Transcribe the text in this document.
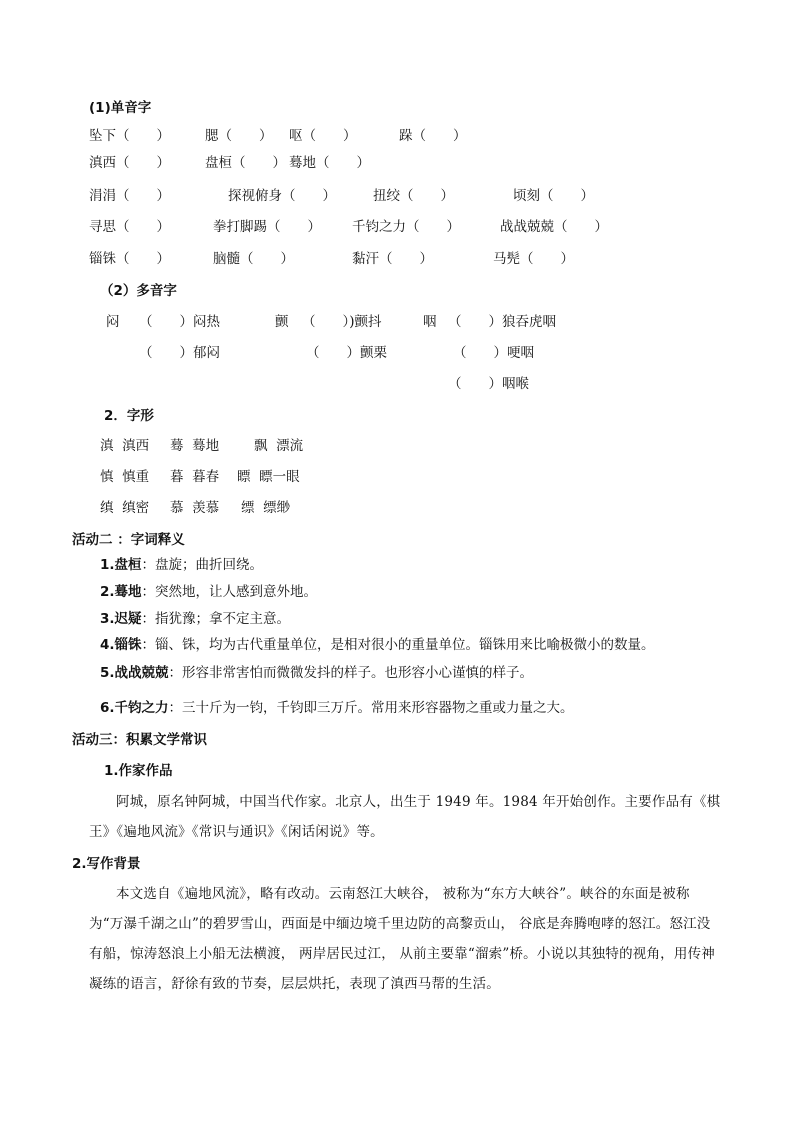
(1)单音字
坠下（　　）	腮（　　） 呕（　　）	跺（　　）
滇西（　　）	盘桓（　　） 蓦地（　　）
涓涓（　　）	探视俯身（　　）	扭绞（　　）	顷刻（　　）
寻思（　　）	拳打脚踢（　　） 千钧之力（　　）	战战兢兢（　　）
锱铢（　　）	脑髓（　　）	黏汗（　　）	马髡（　　）
（2）多音字
闷 （　　）闷热	颤 （　　）)颤抖	咽 （　　）狼吞虎咽
（　　）郁闷	（　　）颤栗	（　　）哽咽
（　　）咽喉
2．字形
滇  滇西 蓦  蓦地	飘  漂流
慎  慎重 暮  暮春 瞟  瞟一眼
缜  缜密 慕  羡慕 缥  缥缈
活动二 ：字词释义
1.盘桓：盘旋；曲折回绕。
2.蓦地：突然地，让人感到意外地。
3.迟疑：指犹豫；拿不定主意。
4.锱铢：锱、铢，均为古代重量单位，是相对很小的重量单位。锱铢用来比喻极微小的数量。
5.战战兢兢：形容非常害怕而微微发抖的样子。也形容小心谨慎的样子。
6.千钧之力：三十斤为一钧，千钧即三万斤。常用来形容器物之重或力量之大。
活动三：积累文学常识
1.作家作品
阿城，原名钟阿城，中国当代作家。北京人，出生于 1949 年。1984 年开始创作。主要作品有《棋王》《遍地风流》《常识与通识》《闲话闲说》等。
2.写作背景
本文选自《遍地风流》，略有改动。云南怒江大峡谷， 被称为“东方大峡谷”。峡谷的东面是被称为“万瀑千湖之山”的碧罗雪山，西面是中缅边境千里边防的高黎贡山， 谷底是奔腾咆哮的怒江。怒江没有船，惊涛怒浪上小船无法横渡， 两岸居民过江， 从前主要靠“溜索”桥。小说以其独特的视角，用传神凝练的语言，舒徐有致的节奏，层层烘托，表现了滇西马帮的生活。
